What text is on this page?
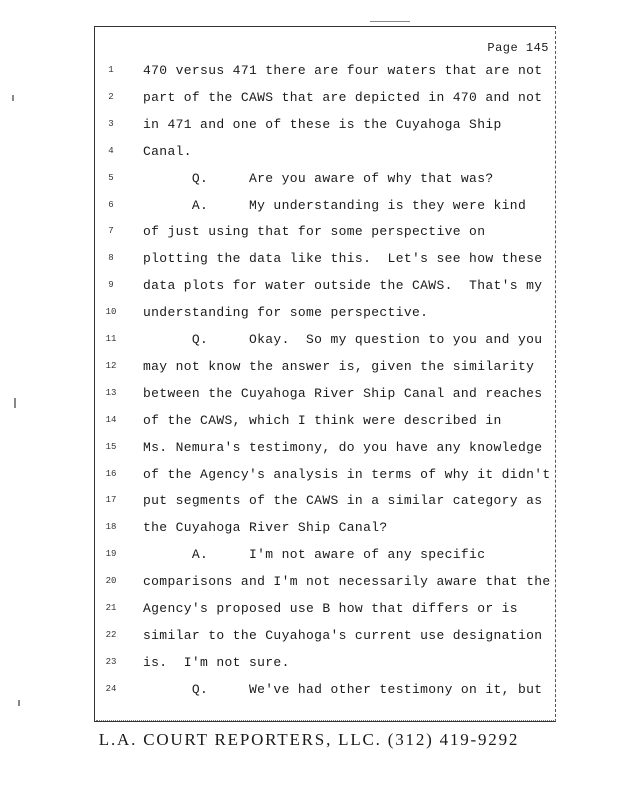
Page 145
470 versus 471 there are four waters that are not
part of the CAWS that are depicted in 470 and not
in 471 and one of these is the Cuyahoga Ship
Canal.
Q.     Are you aware of why that was?
A.     My understanding is they were kind
of just using that for some perspective on
plotting the data like this.  Let's see how these
data plots for water outside the CAWS.  That's my
understanding for some perspective.
Q.     Okay.  So my question to you and you
may not know the answer is, given the similarity
between the Cuyahoga River Ship Canal and reaches
of the CAWS, which I think were described in
Ms. Nemura's testimony, do you have any knowledge
of the Agency's analysis in terms of why it didn't
put segments of the CAWS in a similar category as
the Cuyahoga River Ship Canal?
A.     I'm not aware of any specific
comparisons and I'm not necessarily aware that the
Agency's proposed use B how that differs or is
similar to the Cuyahoga's current use designation
is.  I'm not sure.
Q.     We've had other testimony on it, but
1
2
3
4
5
6
7
8
9
10
11
12
13
14
15
16
17
18
19
20
21
22
23
24
L.A. COURT REPORTERS, LLC. (312) 419-9292
